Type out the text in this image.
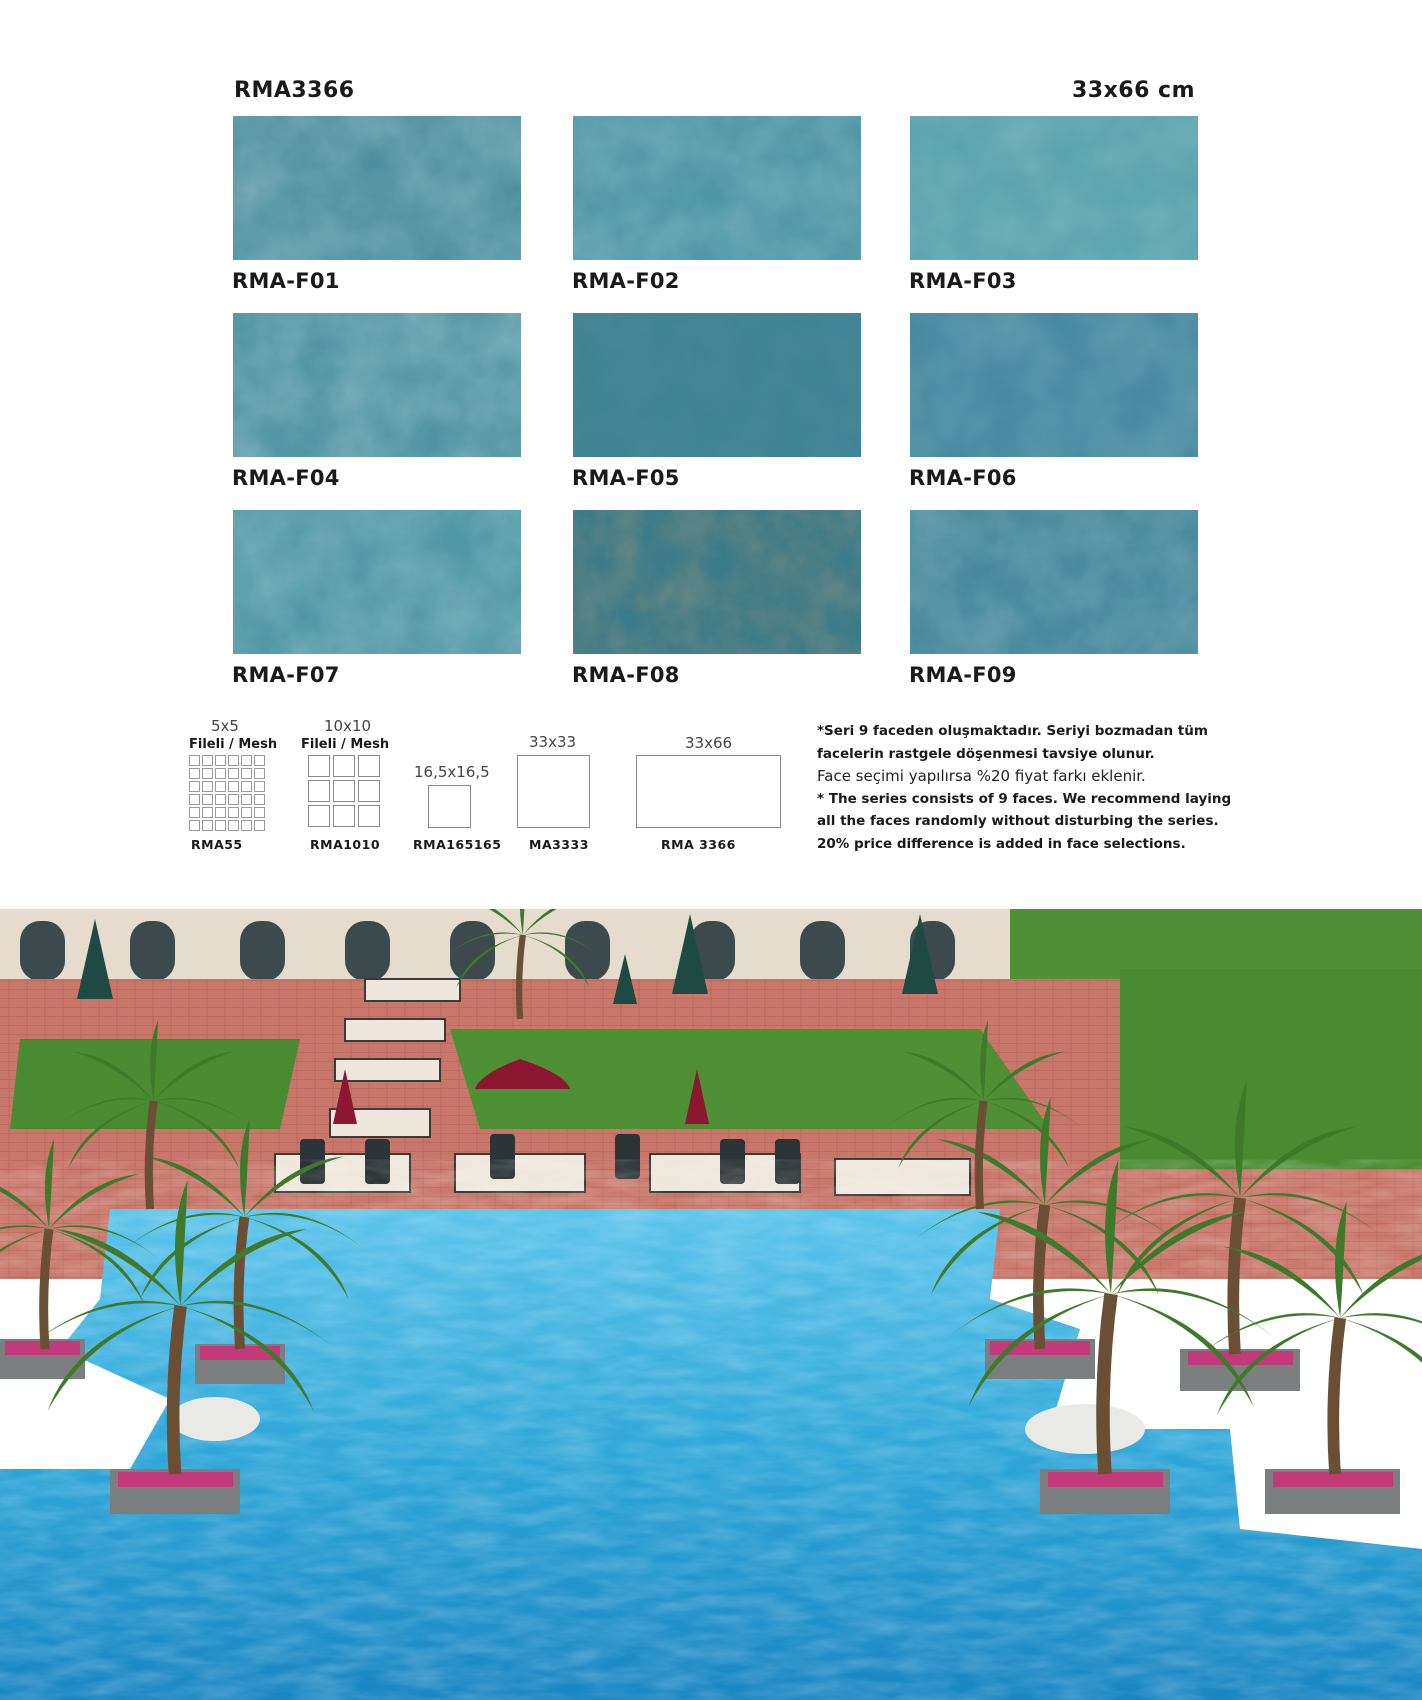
RMA3366	33x66 cm
RMA-F01	RMA-F02	RMA-F03
RMA-F04	RMA-F05	RMA-F06
RMA-F07	RMA-F08	RMA-F09
5x5
Fileli / Mesh
RMA55
10x10
Fileli / Mesh
RMA1010
16,5x16,5
RMA165165
33x33
MA3333
33x66
RMA 3366
*Seri 9 faceden oluşmaktadır. Seriyi bozmadan tüm
facelerin rastgele döşenmesi tavsiye olunur.
Face seçimi yapılırsa %20 fiyat farkı eklenir.
* The series consists of 9 faces. We recommend laying
all the faces randomly without disturbing the series.
20% price difference is added in face selections.
